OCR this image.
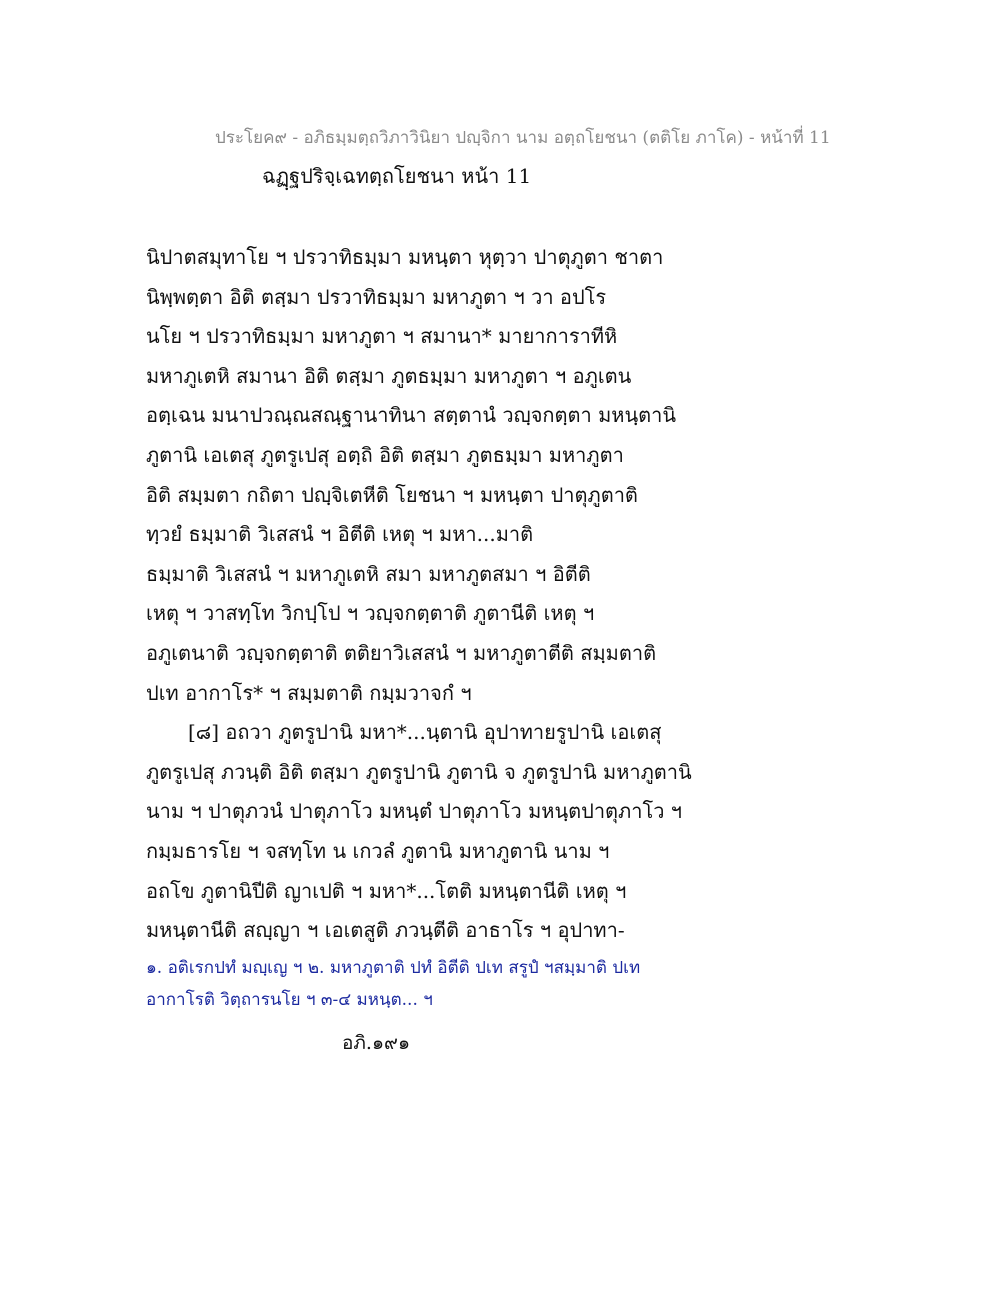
ประโยค๙ - อภิธมฺมตฺถวิภาวินิยา ปญฺจิกา นาม อตฺถโยชนา (ตติโย ภาโค) - หน้าที่ 11
ฉฏฺฐปริจฺเฉทตฺถโยชนา หน้า 11
นิปาตสมุทาโย ฯ ปรวาทิธมฺมา มหนฺตา หุตฺวา ปาตุภูตา ชาตา
นิพฺพตฺตา อิติ ตสฺมา ปรวาทิธมฺมา มหาภูตา ฯ วา อปโร
นโย ฯ ปรวาทิธมฺมา มหาภูตา ฯ สมานา* มายาการาทีหิ
มหาภูเตหิ สมานา อิติ ตสฺมา ภูตธมฺมา มหาภูตา ฯ อภูเตน
อตฺเฉน มนาปวณฺณสณฺฐานาทินา สตฺตานํ วญฺจกตฺตา มหนฺตานิ
ภูตานิ เอเตสุ ภูตรูเปสุ อตฺถิ อิติ ตสฺมา ภูตธมฺมา มหาภูตา
อิติ สมฺมตา กถิตา ปญฺจิเตหีติ โยชนา ฯ มหนฺตา ปาตุภูตาติ
ทฺวยํ ธมฺมาติ วิเสสนํ ฯ อิตีติ เหตุ ฯ มหา...มาติ
ธมฺมาติ วิเสสนํ ฯ มหาภูเตหิ สมา มหาภูตสมา ฯ อิตีติ
เหตุ ฯ วาสทฺโท วิกปฺโป ฯ วญฺจกตฺตาติ ภูตานีติ เหตุ ฯ
อภูเตนาติ วญฺจกตฺตาติ ตติยาวิเสสนํ ฯ มหาภูตาตีติ สมฺมตาติ
ปเท อากาโร* ฯ สมฺมตาติ กมฺมวาจกํ ฯ
[๘] อถวา ภูตรูปานิ มหา*...นฺตานิ อุปาทายรูปานิ เอเตสุ
ภูตรูเปสุ ภวนฺติ อิติ ตสฺมา ภูตรูปานิ ภูตานิ จ ภูตรูปานิ มหาภูตานิ
นาม ฯ ปาตุภวนํ ปาตุภาโว มหนฺตํ ปาตุภาโว มหนฺตปาตุภาโว ฯ
กมฺมธารโย ฯ จสทฺโท น เกวลํ ภูตานิ มหาภูตานิ นาม ฯ
อถโข ภูตานิปีติ ญาเปติ ฯ มหา*...โตติ มหนฺตานีติ เหตุ ฯ
มหนฺตานีติ สญฺญา ฯ เอเตสูติ ภวนฺตีติ อาธาโร ฯ อุปาทา-
๑. อติเรกปทํ มญฺเญ ฯ ๒. มหาภูตาติ ปทํ อิตีติ ปเท สรูปํ ฯสมฺมาติ ปเท
อากาโรติ วิตฺถารนโย ฯ ๓-๔ มหนฺต... ฯ
อภิ.๑๙๑
